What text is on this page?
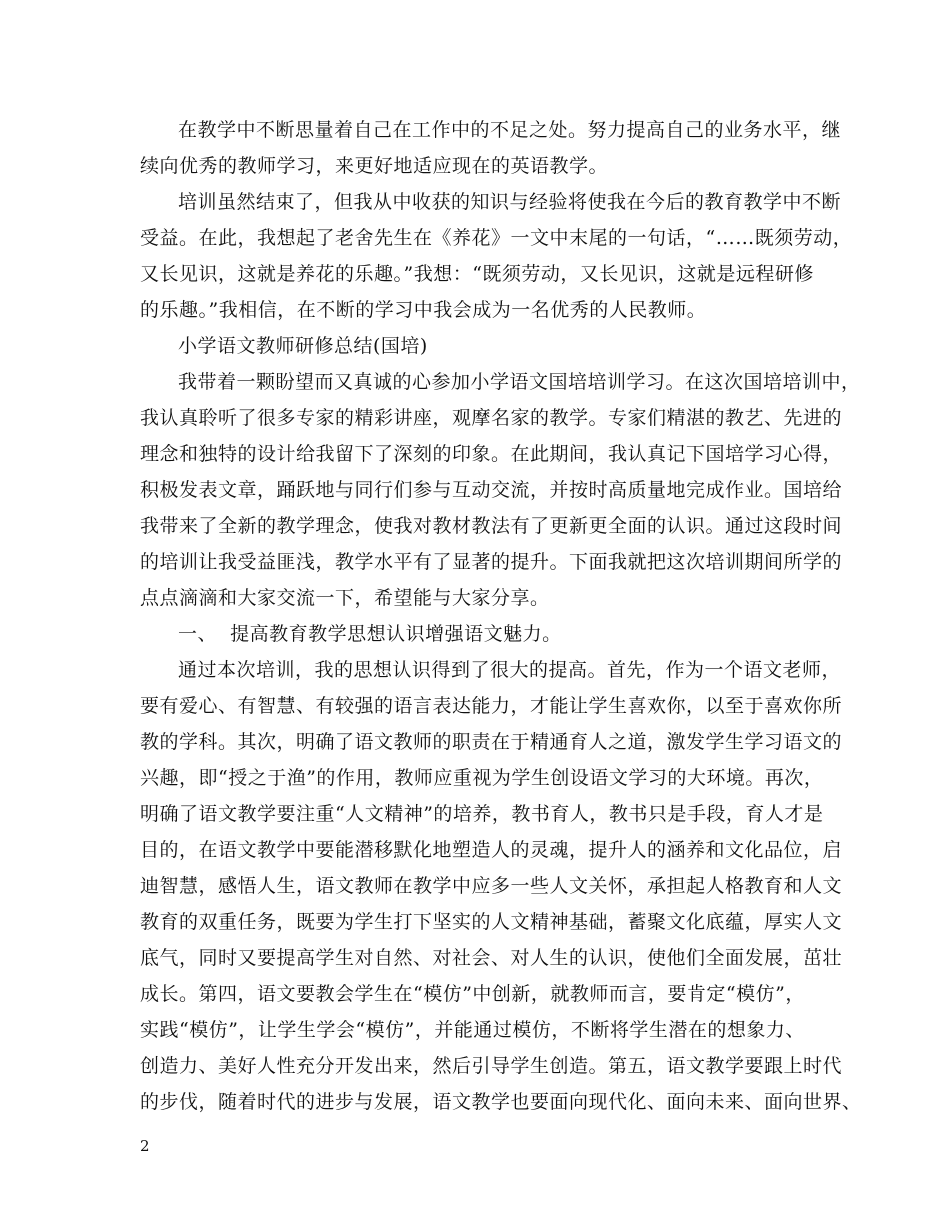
在教学中不断思量着自己在工作中的不足之处。努力提高自己的业务水平，继
续向优秀的教师学习，来更好地适应现在的英语教学。
培训虽然结束了，但我从中收获的知识与经验将使我在今后的教育教学中不断
受益。在此，我想起了老舍先生在《养花》一文中末尾的一句话，“……既须劳动，
又长见识，这就是养花的乐趣。”我想：“既须劳动，又长见识，这就是远程研修
的乐趣。”我相信，在不断的学习中我会成为一名优秀的人民教师。
小学语文教师研修总结(国培)
我带着一颗盼望而又真诚的心参加小学语文国培培训学习。在这次国培培训中，
我认真聆听了很多专家的精彩讲座，观摩名家的教学。专家们精湛的教艺、先进的
理念和独特的设计给我留下了深刻的印象。在此期间，我认真记下国培学习心得，
积极发表文章，踊跃地与同行们参与互动交流，并按时高质量地完成作业。国培给
我带来了全新的教学理念，使我对教材教法有了更新更全面的认识。通过这段时间
的培训让我受益匪浅，教学水平有了显著的提升。下面我就把这次培训期间所学的
点点滴滴和大家交流一下，希望能与大家分享。
一、  提高教育教学思想认识增强语文魅力。
通过本次培训，我的思想认识得到了很大的提高。首先，作为一个语文老师，
要有爱心、有智慧、有较强的语言表达能力，才能让学生喜欢你，以至于喜欢你所
教的学科。其次，明确了语文教师的职责在于精通育人之道，激发学生学习语文的
兴趣，即“授之于渔”的作用，教师应重视为学生创设语文学习的大环境。再次，
明确了语文教学要注重“人文精神”的培养，教书育人，教书只是手段，育人才是
目的，在语文教学中要能潜移默化地塑造人的灵魂，提升人的涵养和文化品位，启
迪智慧，感悟人生，语文教师在教学中应多一些人文关怀，承担起人格教育和人文
教育的双重任务，既要为学生打下坚实的人文精神基础，蓄聚文化底蕴，厚实人文
底气，同时又要提高学生对自然、对社会、对人生的认识，使他们全面发展，茁壮
成长。第四，语文要教会学生在“模仿”中创新，就教师而言，要肯定“模仿”，
实践“模仿”，让学生学会“模仿”，并能通过模仿，不断将学生潜在的想象力、
创造力、美好人性充分开发出来，然后引导学生创造。第五，语文教学要跟上时代
的步伐，随着时代的进步与发展，语文教学也要面向现代化、面向未来、面向世界、
2
